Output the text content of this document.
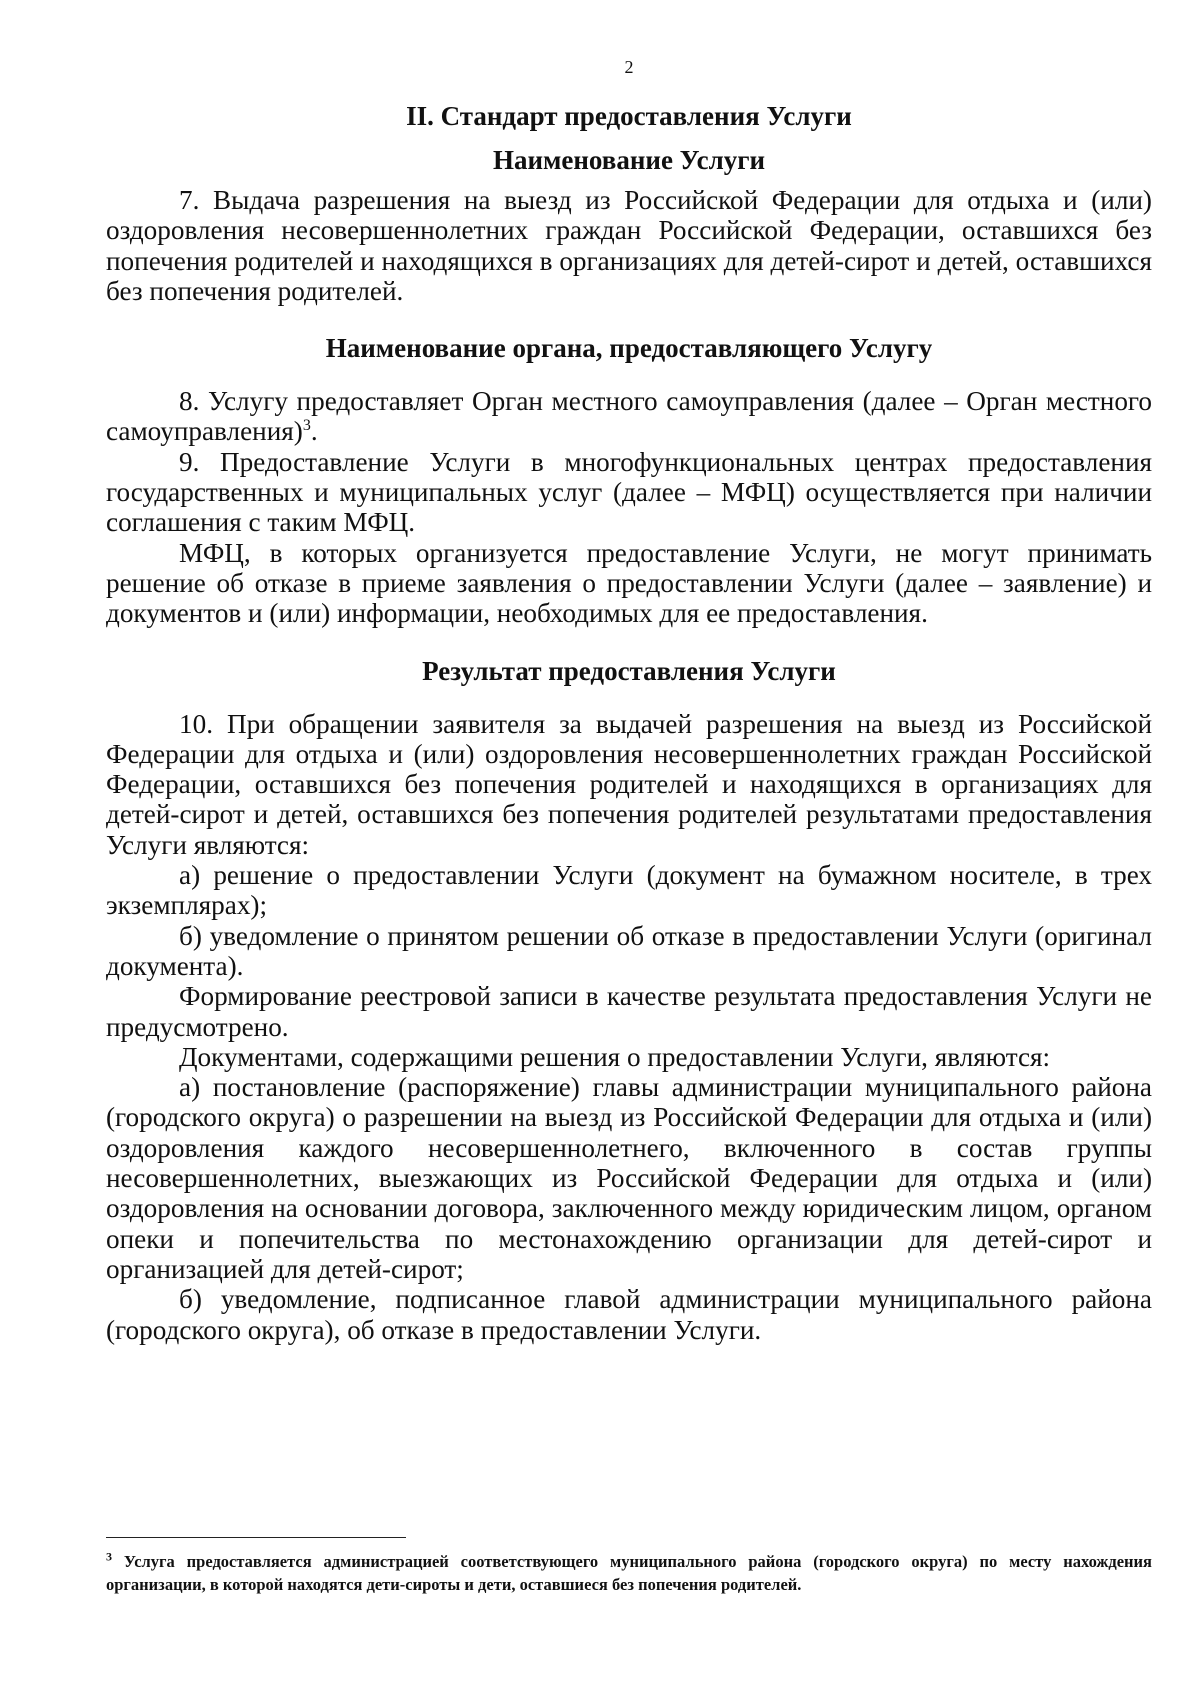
2
II. Стандарт предоставления Услуги
Наименование Услуги

7. Выдача разрешения на выезд из Российской Федерации для отдыха и (или) оздоровления несовершеннолетних граждан Российской Федерации, оставшихся без попечения родителей и находящихся в организациях для детей-сирот и детей, оставшихся без попечения родителей.

Наименование органа, предоставляющего Услугу

8. Услугу предоставляет Орган местного самоуправления (далее – Орган местного самоуправления)$^3$.

9. Предоставление Услуги в многофункциональных центрах предоставления государственных и муниципальных услуг (далее – МФЦ) осуществляется при наличии соглашения с таким МФЦ.

МФЦ, в которых организуется предоставление Услуги, не могут принимать решение об отказе в приеме заявления о предоставлении Услуги (далее – заявление) и документов и (или) информации, необходимых для ее предоставления.

Результат предоставления Услуги

10. При обращении заявителя за выдачей разрешения на выезд из Российской Федерации для отдыха и (или) оздоровления несовершеннолетних граждан Российской Федерации, оставшихся без попечения родителей и находящихся в организациях для детей-сирот и детей, оставшихся без попечения родителей результатами предоставления Услуги являются:

а) решение о предоставлении Услуги (документ на бумажном носителе, в трех экземплярах);

б) уведомление о принятом решении об отказе в предоставлении Услуги (оригинал документа).

Формирование реестровой записи в качестве результата предоставления Услуги не предусмотрено.

Документами, содержащими решения о предоставлении Услуги, являются:

а) постановление (распоряжение) главы администрации муниципального района (городского округа) о разрешении на выезд из Российской Федерации для отдыха и (или) оздоровления каждого несовершеннолетнего, включенного в состав группы несовершеннолетних, выезжающих из Российской Федерации для отдыха и (или) оздоровления на основании договора, заключенного между юридическим лицом, органом опеки и попечительства по местонахождению организации для детей-сирот и организацией для детей-сирот;

б) уведомление, подписанное главой администрации муниципального района (городского округа), об отказе в предоставлении Услуги.

$^3$ Услуга предоставляется администрацией соответствующего муниципального района (городского округа) по месту нахождения организации, в которой находятся дети-сироты и дети, оставшиеся без попечения родителей.
